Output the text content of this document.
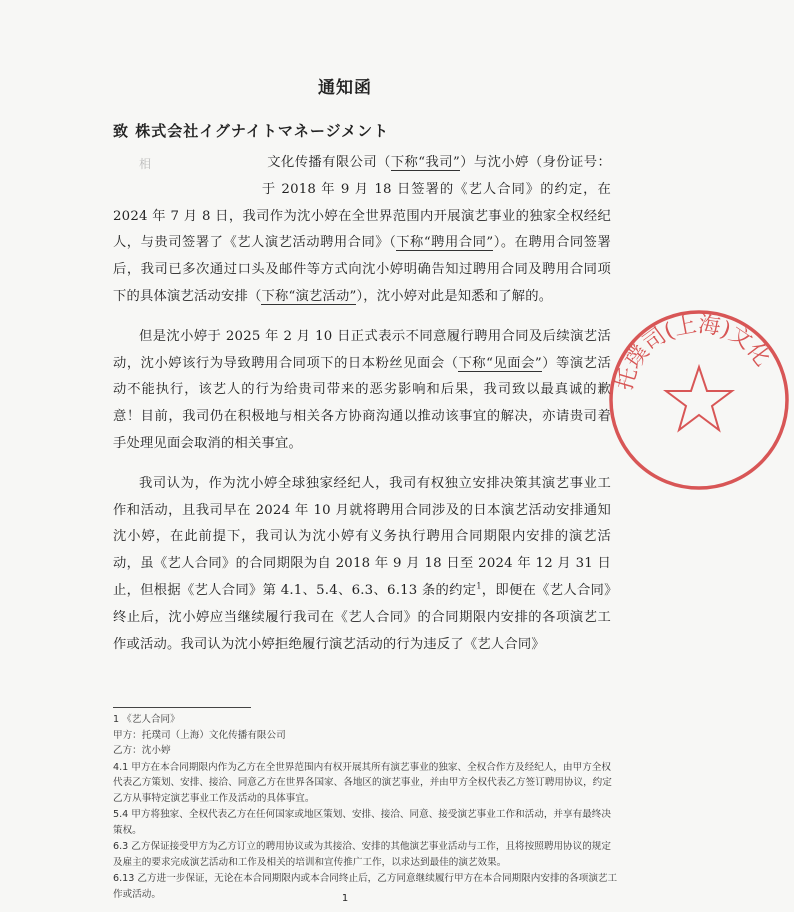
通知函
致 株式会社イグナイトマネージメント

相	文化传播有限公司（下称“我司”）与沈小婷（身份证号：于 2018 年 9 月 18 日签署的《艺人合同》的约定，在 2024 年 7 月 8 日，我司作为沈小婷在全世界范围内开展演艺事业的独家全权经纪人，与贵司签署了《艺人演艺活动聘用合同》（下称“聘用合同”）。在聘用合同签署后，我司已多次通过口头及邮件等方式向沈小婷明确告知过聘用合同及聘用合同项下的具体演艺活动安排（下称“演艺活动”），沈小婷对此是知悉和了解的。

但是沈小婷于 2025 年 2 月 10 日正式表示不同意履行聘用合同及后续演艺活动，沈小婷该行为导致聘用合同项下的日本粉丝见面会（下称“见面会”）等演艺活动不能执行，该艺人的行为给贵司带来的恶劣影响和后果，我司致以最真诚的歉意！目前，我司仍在积极地与相关各方协商沟通以推动该事宜的解决，亦请贵司着手处理见面会取消的相关事宜。

我司认为，作为沈小婷全球独家经纪人，我司有权独立安排决策其演艺事业工作和活动，且我司早在 2024 年 10 月就将聘用合同涉及的日本演艺活动安排通知沈小婷，在此前提下，我司认为沈小婷有义务执行聘用合同期限内安排的演艺活动，虽《艺人合同》的合同期限为自 2018 年 9 月 18 日至 2024 年 12 月 31 日止，但根据《艺人合同》第 4.1、5.4、6.3、6.13 条的约定$^1$，即便在《艺人合同》终止后，沈小婷应当继续履行我司在《艺人合同》的合同期限内安排的各项演艺工作或活动。我司认为沈小婷拒绝履行演艺活动的行为违反了《艺人合同》

1 《艺人合同》
甲方：托璞司（上海）文化传播有限公司
乙方：沈小婷
4.1 甲方在本合同期限内作为乙方在全世界范围内有权开展其所有演艺事业的独家、全权合作方及经纪人，由甲方全权代表乙方策划、安排、接洽、同意乙方在世界各国家、各地区的演艺事业，并由甲方全权代表乙方签订聘用协议，约定乙方从事特定演艺事业工作及活动的具体事宜。
5.4 甲方将独家、全权代表乙方在任何国家或地区策划、安排、接洽、同意、接受演艺事业工作和活动，并享有最终决策权。
6.3 乙方保证接受甲方为乙方订立的聘用协议或为其接洽、安排的其他演艺事业活动与工作，且将按照聘用协议的规定及雇主的要求完成演艺活动和工作及相关的培训和宣传推广工作，以求达到最佳的演艺效果。
6.13 乙方进一步保证，无论在本合同期限内或本合同终止后，乙方同意继续履行甲方在本合同期限内安排的各项演艺工作或活动。	1
托璞司(上海)文化
